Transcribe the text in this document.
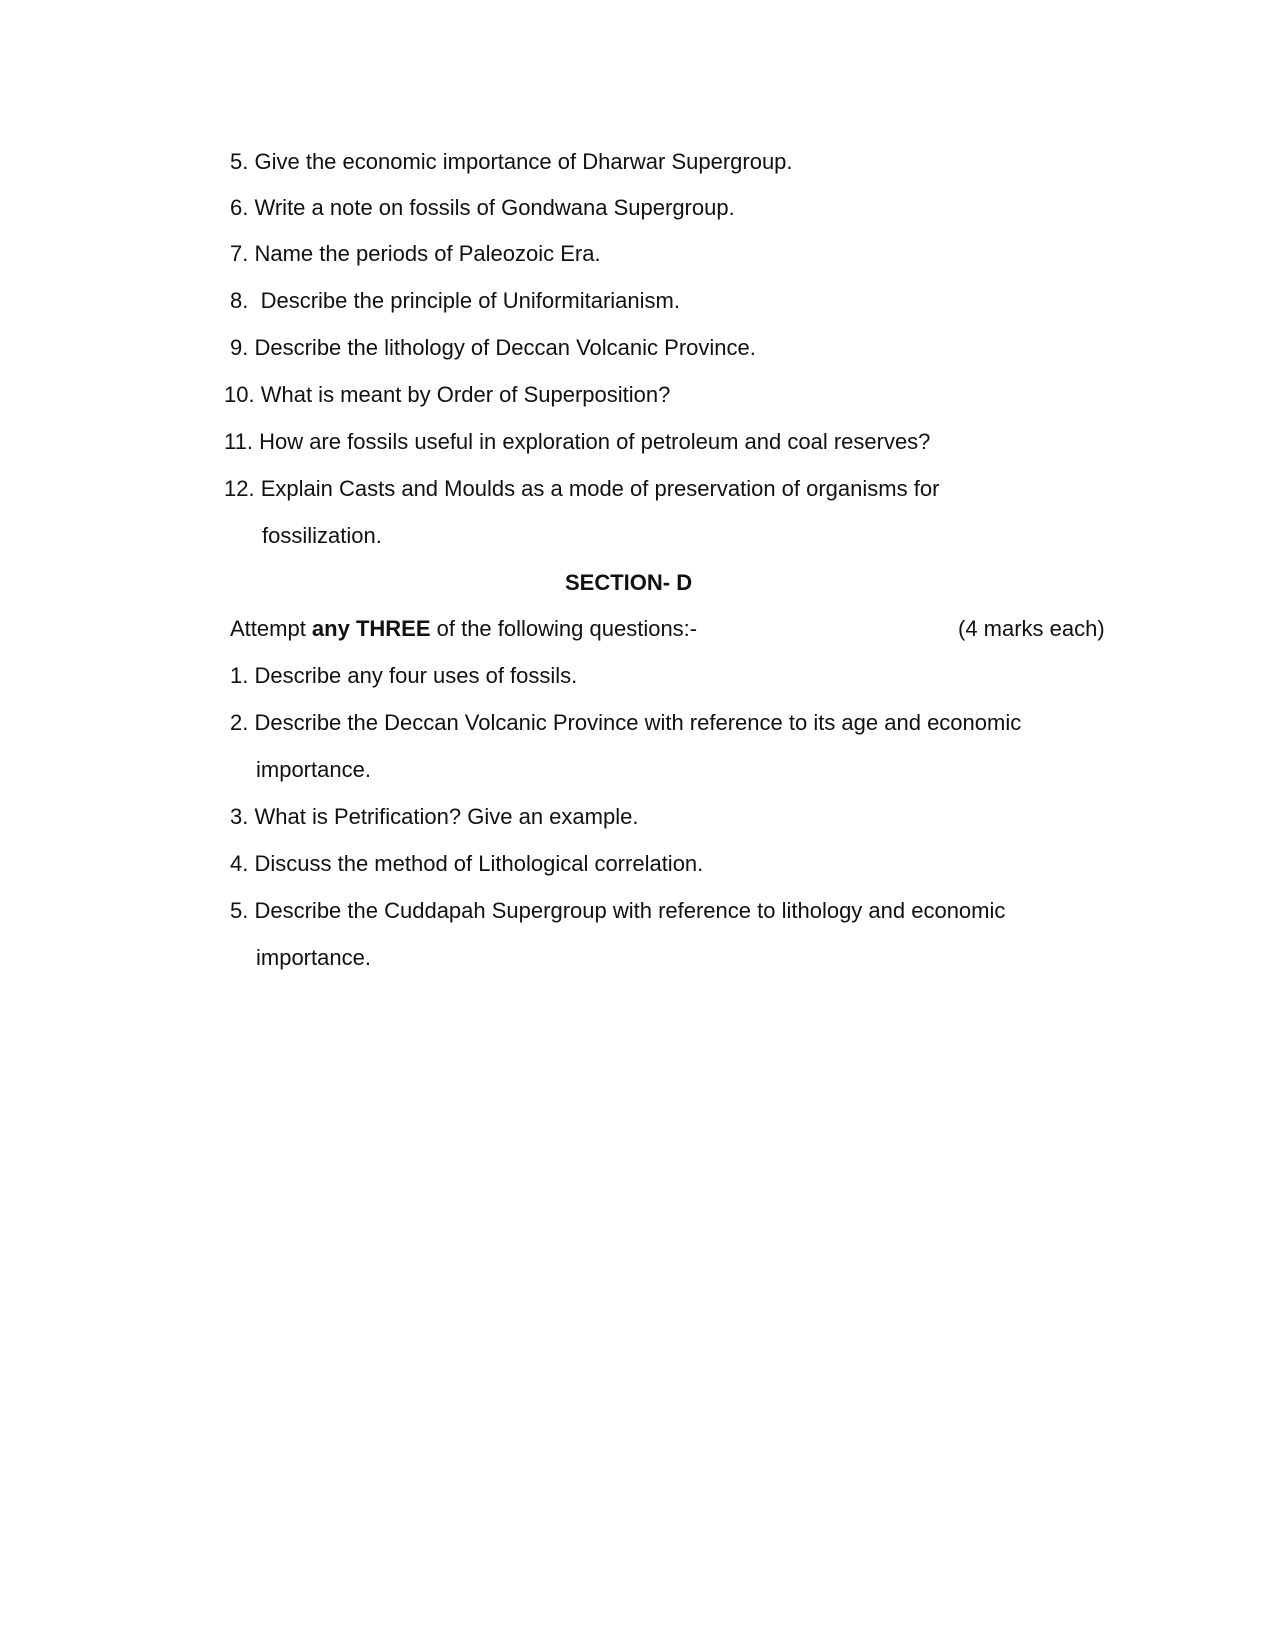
5. Give the economic importance of Dharwar Supergroup.
6. Write a note on fossils of Gondwana Supergroup.
7. Name the periods of Paleozoic Era.
8.  Describe the principle of Uniformitarianism.
9. Describe the lithology of Deccan Volcanic Province.
10. What is meant by Order of Superposition?
11. How are fossils useful in exploration of petroleum and coal reserves?
12. Explain Casts and Moulds as a mode of preservation of organisms for
fossilization.
SECTION- D
Attempt any THREE of the following questions:-	(4 marks each)
1. Describe any four uses of fossils.
2. Describe the Deccan Volcanic Province with reference to its age and economic
importance.
3. What is Petrification? Give an example.
4. Discuss the method of Lithological correlation.
5. Describe the Cuddapah Supergroup with reference to lithology and economic
importance.
